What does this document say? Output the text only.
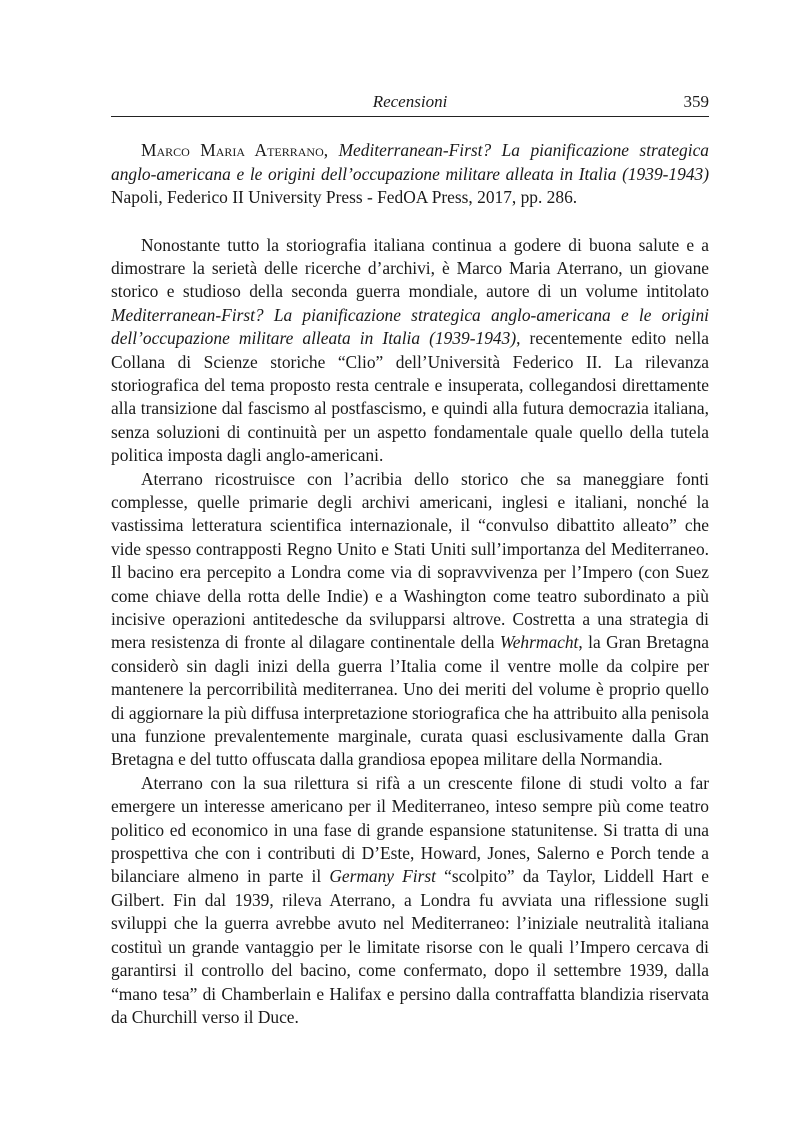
Recensioni	359
Marco Maria Aterrano, Mediterranean-First? La pianificazione strategica anglo-americana e le origini dell’occupazione militare alleata in Italia (1939-1943) Napoli, Federico II University Press - FedOA Press, 2017, pp. 286.

Nonostante tutto la storiografia italiana continua a godere di buona salute e a dimostrare la serietà delle ricerche d’archivi, è Marco Maria Aterrano, un giovane storico e studioso della seconda guerra mondiale, autore di un volume intitolato Mediterranean-First? La pianificazione strategica anglo-americana e le origini dell’occupazione militare alleata in Italia (1939-1943), recentemente edito nella Collana di Scienze storiche “Clio” dell’Università Federico II. La rilevanza storiografica del tema proposto resta centrale e insuperata, collegandosi direttamente alla transizione dal fascismo al postfascismo, e quindi alla futura democrazia italiana, senza soluzioni di continuità per un aspetto fondamentale quale quello della tutela politica imposta dagli anglo-americani.

Aterrano ricostruisce con l’acribia dello storico che sa maneggiare fonti complesse, quelle primarie degli archivi americani, inglesi e italiani, nonché la vastissima letteratura scientifica internazionale, il “convulso dibattito alleato” che vide spesso contrapposti Regno Unito e Stati Uniti sull’importanza del Mediterraneo. Il bacino era percepito a Londra come via di sopravvivenza per l’Impero (con Suez come chiave della rotta delle Indie) e a Washington come teatro subordinato a più incisive operazioni antitedesche da svilupparsi altrove. Costretta a una strategia di mera resistenza di fronte al dilagare continentale della Wehrmacht, la Gran Bretagna considerò sin dagli inizi della guerra l’Italia come il ventre molle da colpire per mantenere la percorribilità mediterranea. Uno dei meriti del volume è proprio quello di aggiornare la più diffusa interpretazione storiografica che ha attribuito alla penisola una funzione prevalentemente marginale, curata quasi esclusivamente dalla Gran Bretagna e del tutto offuscata dalla grandiosa epopea militare della Normandia.

Aterrano con la sua rilettura si rifà a un crescente filone di studi volto a far emergere un interesse americano per il Mediterraneo, inteso sempre più come teatro politico ed economico in una fase di grande espansione statunitense. Si tratta di una prospettiva che con i contributi di D’Este, Howard, Jones, Salerno e Porch tende a bilanciare almeno in parte il Germany First “scolpito” da Taylor, Liddell Hart e Gilbert. Fin dal 1939, rileva Aterrano, a Londra fu avviata una riflessione sugli sviluppi che la guerra avrebbe avuto nel Mediterraneo: l’iniziale neutralità italiana costituì un grande vantaggio per le limitate risorse con le quali l’Impero cercava di garantirsi il controllo del bacino, come confermato, dopo il settembre 1939, dalla “mano tesa” di Chamberlain e Halifax e persino dalla contraffatta blandizia riservata da Churchill verso il Duce.
